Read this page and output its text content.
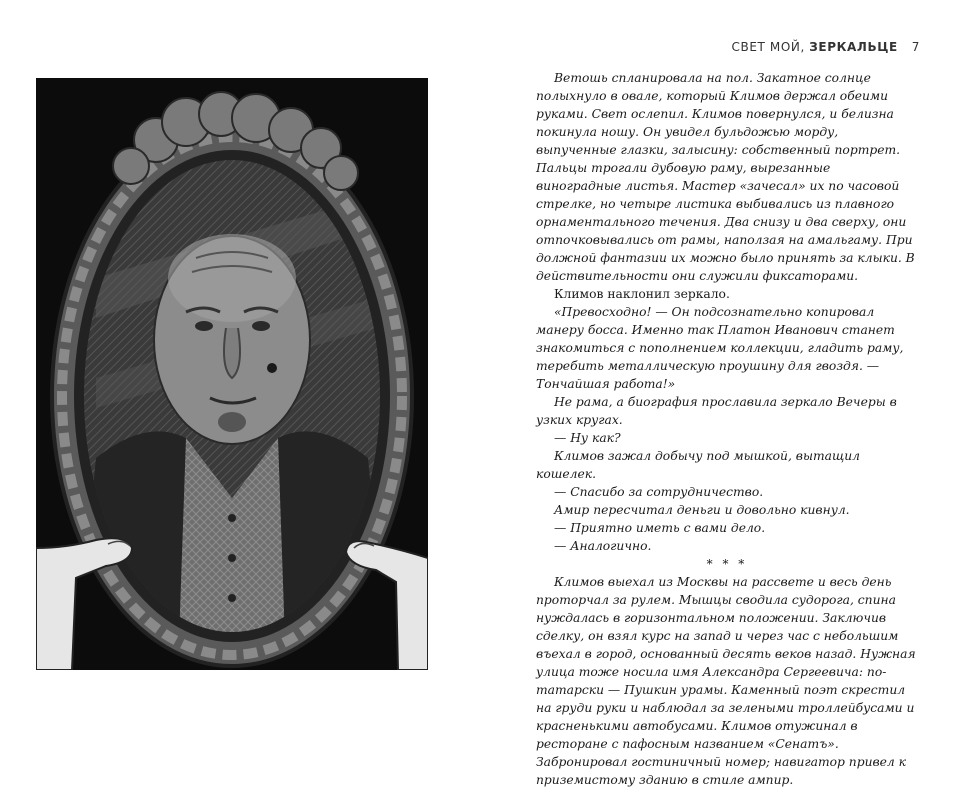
СВЕТ МОЙ, ЗЕРКАЛЬЦЕ 7

Ветошь спланировала на пол. Закатное солнце полыхнуло в овале, который Климов держал обеими руками. Свет ослепил. Климов повернулся, и белизна покинула ношу. Он увидел бульдожью морду, выпученные глазки, залысину: собственный портрет. Пальцы трогали дубовую раму, вырезанные виноградные листья. Мастер «зачесал» их по часовой стрелке, но четыре листика выбивались из плавного орнаментального течения. Два снизу и два сверху, они отпочковывались от рамы, наползая на амальгаму. При должной фантазии их можно было принять за клыки. В действительности они служили фиксаторами.

Климов наклонил зеркало.

«Превосходно! — Он подсознательно копировал манеру босса. Именно так Платон Иванович станет знакомиться с пополнением коллекции, гладить раму, теребить металлическую проушину для гвоздя. — Тончайшая работа!»

Не рама, а биография прославила зеркало Вечеры в узких кругах.

— Ну как?

Климов зажал добычу под мышкой, вытащил кошелек.

— Спасибо за сотрудничество.

Амир пересчитал деньги и довольно кивнул.

— Приятно иметь с вами дело.

— Аналогично.

* * *

Климов выехал из Москвы на рассвете и весь день проторчал за рулем. Мышцы сводила судорога, спина нуждалась в горизонтальном положении. Заключив сделку, он взял курс на запад и через час с небольшим въехал в город, основанный десять веков назад. Нужная улица тоже носила имя Александра Сергеевича: по-татарски — Пушкин урамы. Каменный поэт скрестил на груди руки и наблюдал за зелеными троллейбусами и красненькими автобусами. Климов отужинал в ресторане с пафосным названием «Сенатъ». Забронировал гостиничный номер; навигатор привел к приземистому зданию в стиле ампир.
